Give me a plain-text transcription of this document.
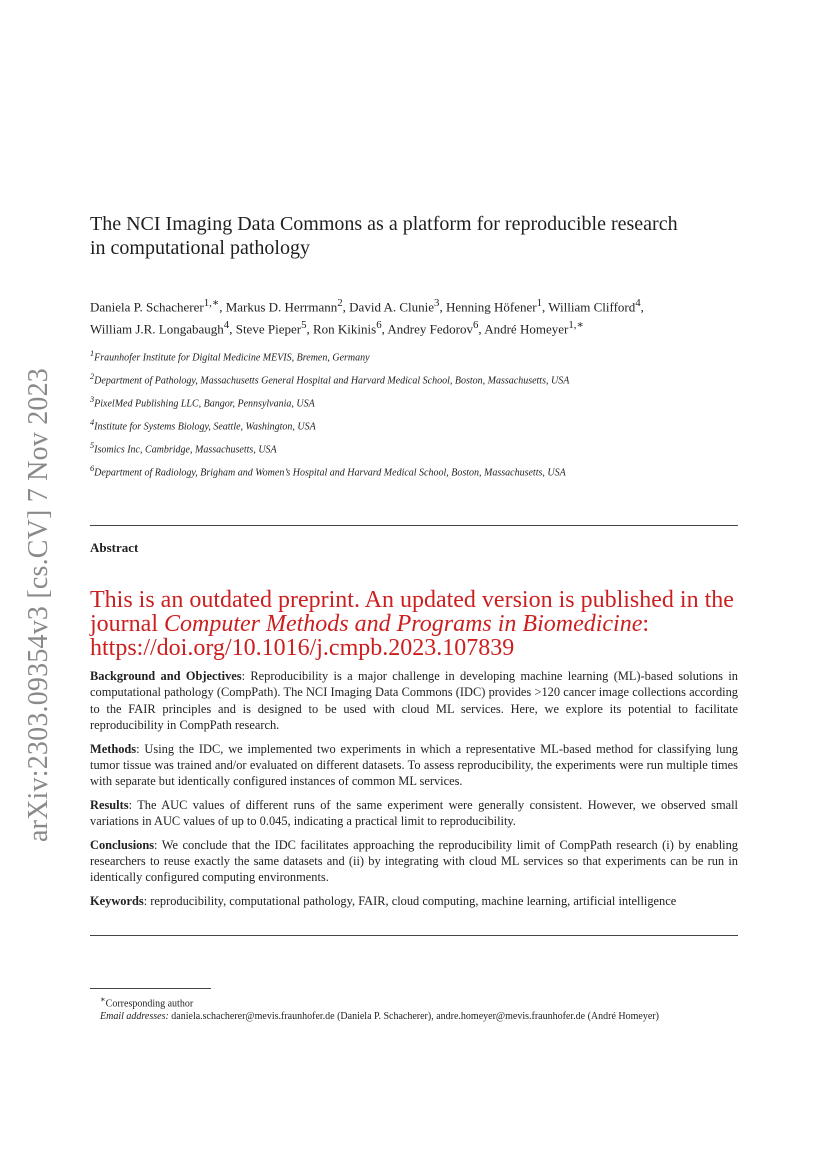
arXiv:2303.09354v3 [cs.CV] 7 Nov 2023
The NCI Imaging Data Commons as a platform for reproducible research
in computational pathology
Daniela P. Schacherer$^{1,∗}$, Markus D. Herrmann$^2$, David A. Clunie$^3$, Henning Höfener$^1$, William Clifford$^4$,
William J.R. Longabaugh$^4$, Steve Pieper$^5$, Ron Kikinis$^6$, Andrey Fedorov$^6$, André Homeyer$^{1,∗}$
$^1$Fraunhofer Institute for Digital Medicine MEVIS, Bremen, Germany
$^2$Department of Pathology, Massachusetts General Hospital and Harvard Medical School, Boston, Massachusetts, USA
$^3$PixelMed Publishing LLC, Bangor, Pennsylvania, USA
$^4$Institute for Systems Biology, Seattle, Washington, USA
$^5$Isomics Inc, Cambridge, Massachusetts, USA
$^6$Department of Radiology, Brigham and Women’s Hospital and Harvard Medical School, Boston, Massachusetts, USA
Abstract
This is an outdated preprint. An updated version is published in the
journal Computer Methods and Programs in Biomedicine:
https://doi.org/10.1016/j.cmpb.2023.107839

Background and Objectives: Reproducibility is a major challenge in developing machine learning (ML)-based solutions in computational pathology (CompPath). The NCI Imaging Data Commons (IDC) provides >120 cancer image collections according to the FAIR principles and is designed to be used with cloud ML services. Here, we explore its potential to facilitate reproducibility in CompPath research.

Methods: Using the IDC, we implemented two experiments in which a representative ML-based method for classifying lung tumor tissue was trained and/or evaluated on different datasets. To assess reproducibility, the experiments were run multiple times with separate but identically configured instances of common ML services.

Results: The AUC values of different runs of the same experiment were generally consistent. However, we observed small variations in AUC values of up to 0.045, indicating a practical limit to reproducibility.

Conclusions: We conclude that the IDC facilitates approaching the reproducibility limit of CompPath research (i) by enabling researchers to reuse exactly the same datasets and (ii) by integrating with cloud ML services so that experiments can be run in identically configured computing environments.

Keywords: reproducibility, computational pathology, FAIR, cloud computing, machine learning, artificial intelligence

∗Corresponding author
Email addresses: daniela.schacherer@mevis.fraunhofer.de (Daniela P. Schacherer), andre.homeyer@mevis.fraunhofer.de (André Homeyer)
